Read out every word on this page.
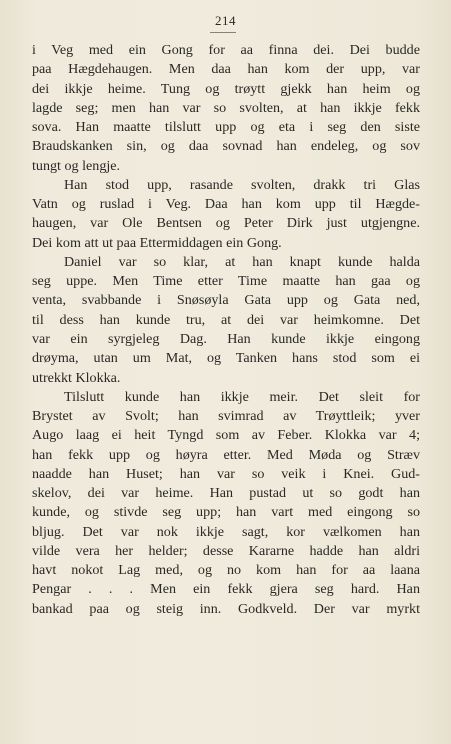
214
i Veg med ein Gong for aa finna dei. Dei budde
paa Hægdehaugen. Men daa han kom der upp, var
dei ikkje heime. Tung og trøytt gjekk han heim og
lagde seg; men han var so svolten, at han ikkje fekk
sova. Han maatte tilslutt upp og eta i seg den siste
Braudskanken sin, og daa sovnad han endeleg, og sov
tungt og lengje.
Han stod upp, rasande svolten, drakk tri Glas
Vatn og ruslad i Veg. Daa han kom upp til Hægde-
haugen, var Ole Bentsen og Peter Dirk just utgjengne.
Dei kom att ut paa Ettermiddagen ein Gong.
Daniel var so klar, at han knapt kunde halda
seg uppe. Men Time etter Time maatte han gaa og
venta, svabbande i Snøsøyla Gata upp og Gata ned,
til dess han kunde tru, at dei var heimkomne. Det
var ein syrgjeleg Dag. Han kunde ikkje eingong
drøyma, utan um Mat, og Tanken hans stod som ei
utrekkt Klokka.
Tilslutt kunde han ikkje meir. Det sleit for
Brystet av Svolt; han svimrad av Trøyttleik; yver
Augo laag ei heit Tyngd som av Feber. Klokka var 4;
han fekk upp og høyra etter. Med Møda og Stræv
naadde han Huset; han var so veik i Knei. Gud-
skelov, dei var heime. Han pustad ut so godt han
kunde, og stivde seg upp; han vart med eingong so
bljug. Det var nok ikkje sagt, kor vælkomen han
vilde vera her helder; desse Kararne hadde han aldri
havt nokot Lag med, og no kom han for aa laana
Pengar . . . Men ein fekk gjera seg hard. Han
bankad paa og steig inn. Godkveld. Der var myrkt
